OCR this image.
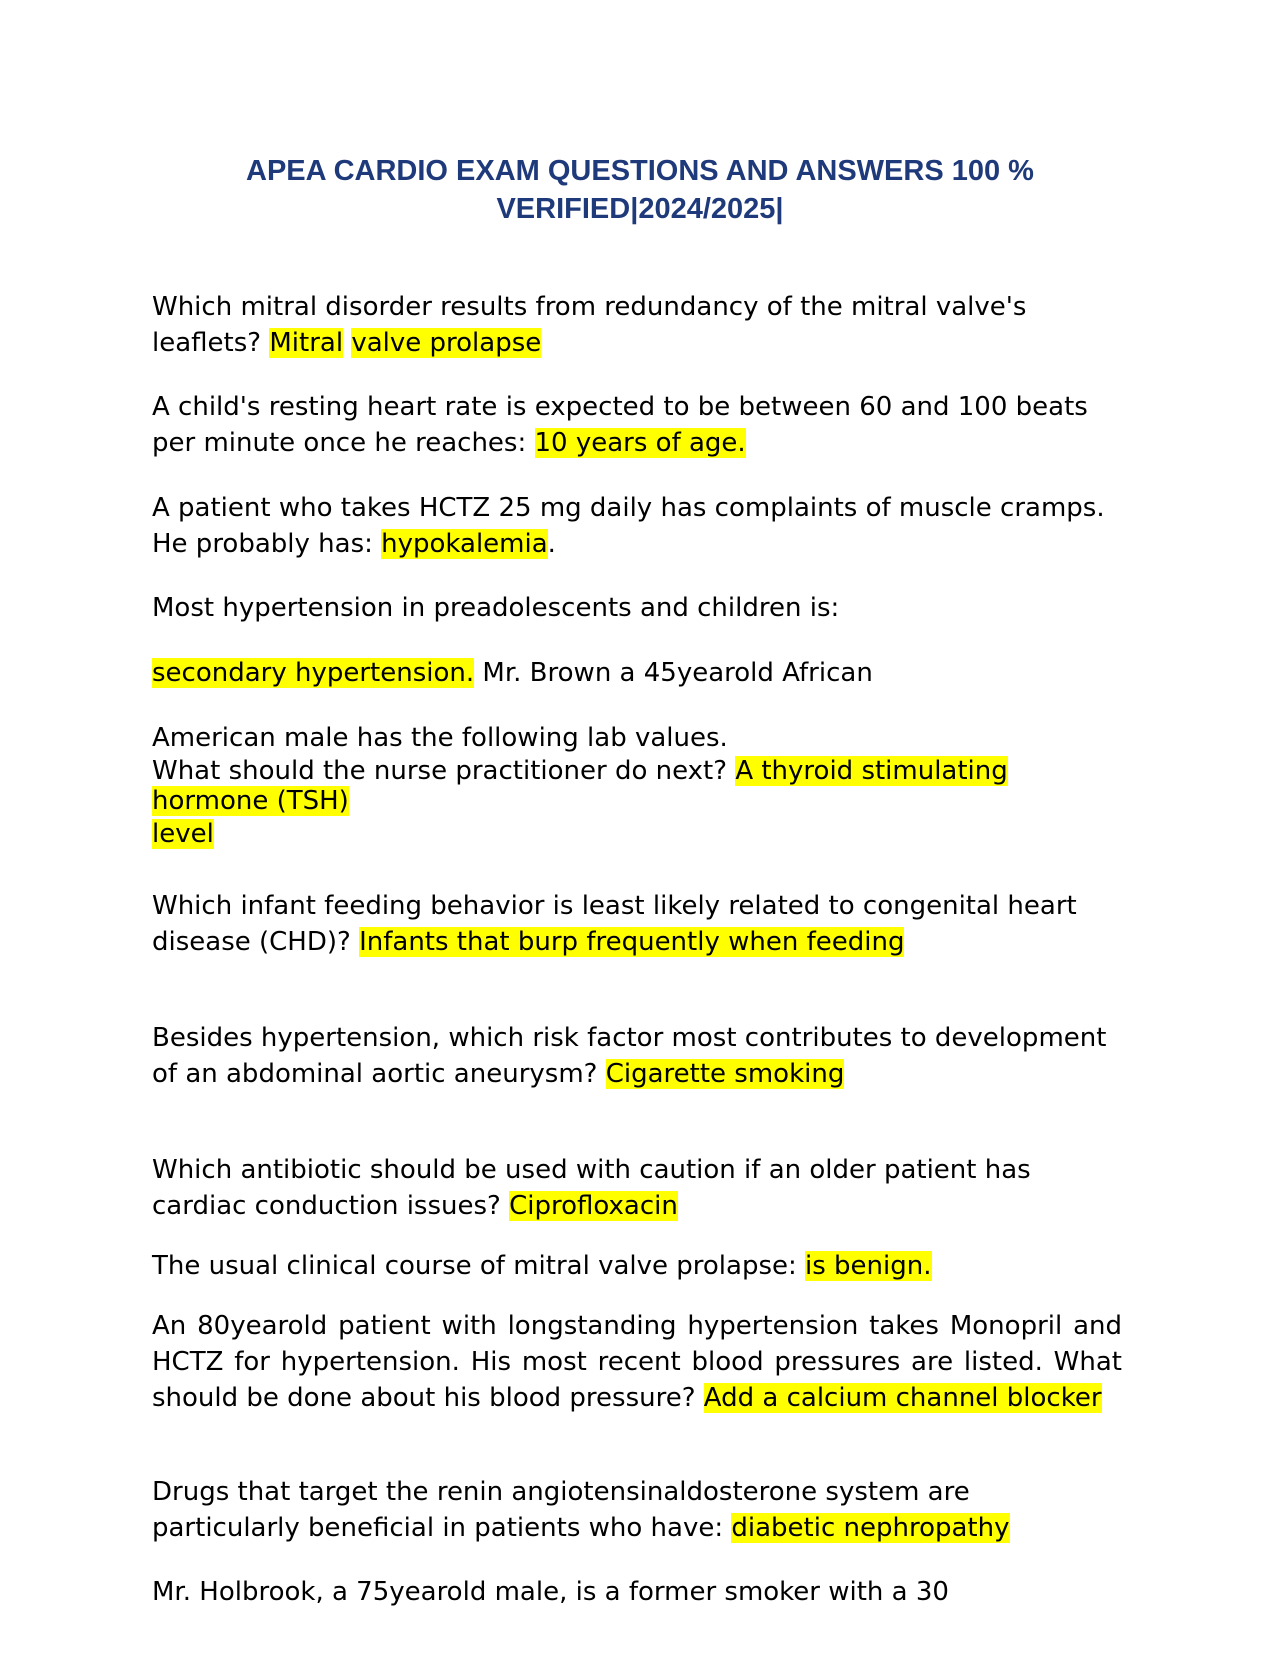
APEA CARDIO EXAM QUESTIONS AND ANSWERS 100 %
VERIFIED|2024/2025|

Which mitral disorder results from redundancy of the mitral valve's leaflets? Mitral valve prolapse

A child's resting heart rate is expected to be between 60 and 100 beats per minute once he reaches: 10 years of age.

A patient who takes HCTZ 25 mg daily has complaints of muscle cramps. He probably has: hypokalemia.

Most hypertension in preadolescents and children is:

secondary hypertension. Mr. Brown a 45yearold African

American male has the following lab values.
What should the nurse practitioner do next? A thyroid stimulating hormone (TSH)
level

Which infant feeding behavior is least likely related to congenital heart disease (CHD)? Infants that burp frequently when feeding

Besides hypertension, which risk factor most contributes to development of an abdominal aortic aneurysm? Cigarette smoking

Which antibiotic should be used with caution if an older patient has cardiac conduction issues? Ciprofloxacin

The usual clinical course of mitral valve prolapse: is benign.

An 80yearold patient with longstanding hypertension takes Monopril and HCTZ for hypertension. His most recent blood pressures are listed. What should be done about his blood pressure? Add a calcium channel blocker

Drugs that target the renin angiotensinaldosterone system are particularly beneficial in patients who have: diabetic nephropathy

Mr. Holbrook, a 75yearold male, is a former smoker with a 30
